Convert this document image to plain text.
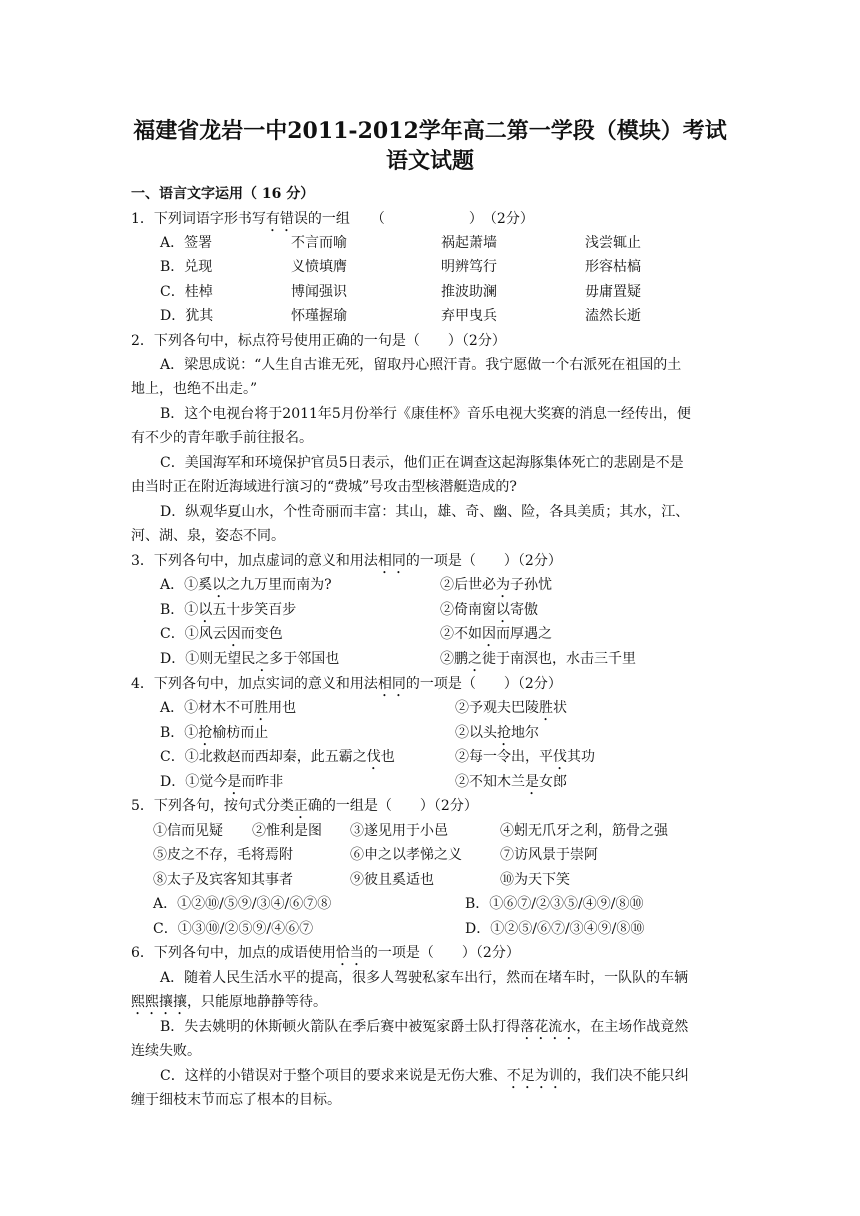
福建省龙岩一中2011-2012学年高二第一学段（模块）考试
语文试题
一、语言文字运用（ 16 分）
1．下列词语字形书写有错误的一组　　（　　　　　　）　（2分）
A．签署	不言而喻	祸起萧墙	浅尝辄止
B．兑现	义愤填膺	明辨笃行	形容枯槁
C．桂棹	博闻强识	推波助澜	毋庸置疑
D．犹其	怀瑾握瑜	弃甲曳兵	溘然长逝
2．下列各句中，标点符号使用正确的一句是（　　）（2分）
A．梁思成说：“人生自古谁无死，留取丹心照汗青。我宁愿做一个右派死在祖国的土
地上，也绝不出走。”
B．这个电视台将于2011年5月份举行《康佳杯》音乐电视大奖赛的消息一经传出，便
有不少的青年歌手前往报名。
C．美国海军和环境保护官员5日表示，他们正在调查这起海豚集体死亡的悲剧是不是
由当时正在附近海域进行演习的“费城”号攻击型核潜艇造成的?
D．纵观华夏山水，个性奇丽而丰富：其山，雄、奇、幽、险，各具美质；其水，江、
河、湖、泉，姿态不同。
3．下列各句中，加点虚词的意义和用法相同的一项是（　　）（2分）
A．①奚以之九万里而南为?	②后世必为子孙忧
B．①以五十步笑百步	②倚南窗以寄傲
C．①风云因而变色	②不如因而厚遇之
D．①则无望民之多于邻国也	②鹏之徙于南溟也，水击三千里
4．下列各句中，加点实词的意义和用法相同的一项是（　　）（2分）
A．①材木不可胜用也	②予观夫巴陵胜状
B．①抢榆枋而止	②以头抢地尔
C．①北救赵而西却秦，此五霸之伐也	②每一令出，平伐其功
D．①觉今是而昨非	②不知木兰是女郎
5．下列各句，按句式分类正确的一组是（　　）（2分）
①信而见疑 ②惟利是图 ③遂见用于小邑	④蚓无爪牙之利，筋骨之强
⑤皮之不存，毛将焉附	⑥申之以孝悌之义	⑦访风景于崇阿
⑧太子及宾客知其事者	⑨彼且奚适也	⑩为天下笑
A．①②⑩/⑤⑨/③④/⑥⑦⑧	B．①⑥⑦/②③⑤/④⑨/⑧⑩
C．①③⑩/②⑤⑨/④⑥⑦	D．①②⑤/⑥⑦/③④⑨/⑧⑩
6．下列各句中，加点的成语使用恰当的一项是（　　）（2分）
A．随着人民生活水平的提高，很多人驾驶私家车出行，然而在堵车时，一队队的车辆
熙熙攘攘，只能原地静静等待。
B．失去姚明的休斯顿火箭队在季后赛中被冤家爵士队打得落花流水，在主场作战竟然
连续失败。
C．这样的小错误对于整个项目的要求来说是无伤大雅、不足为训的，我们决不能只纠
缠于细枝末节而忘了根本的目标。
